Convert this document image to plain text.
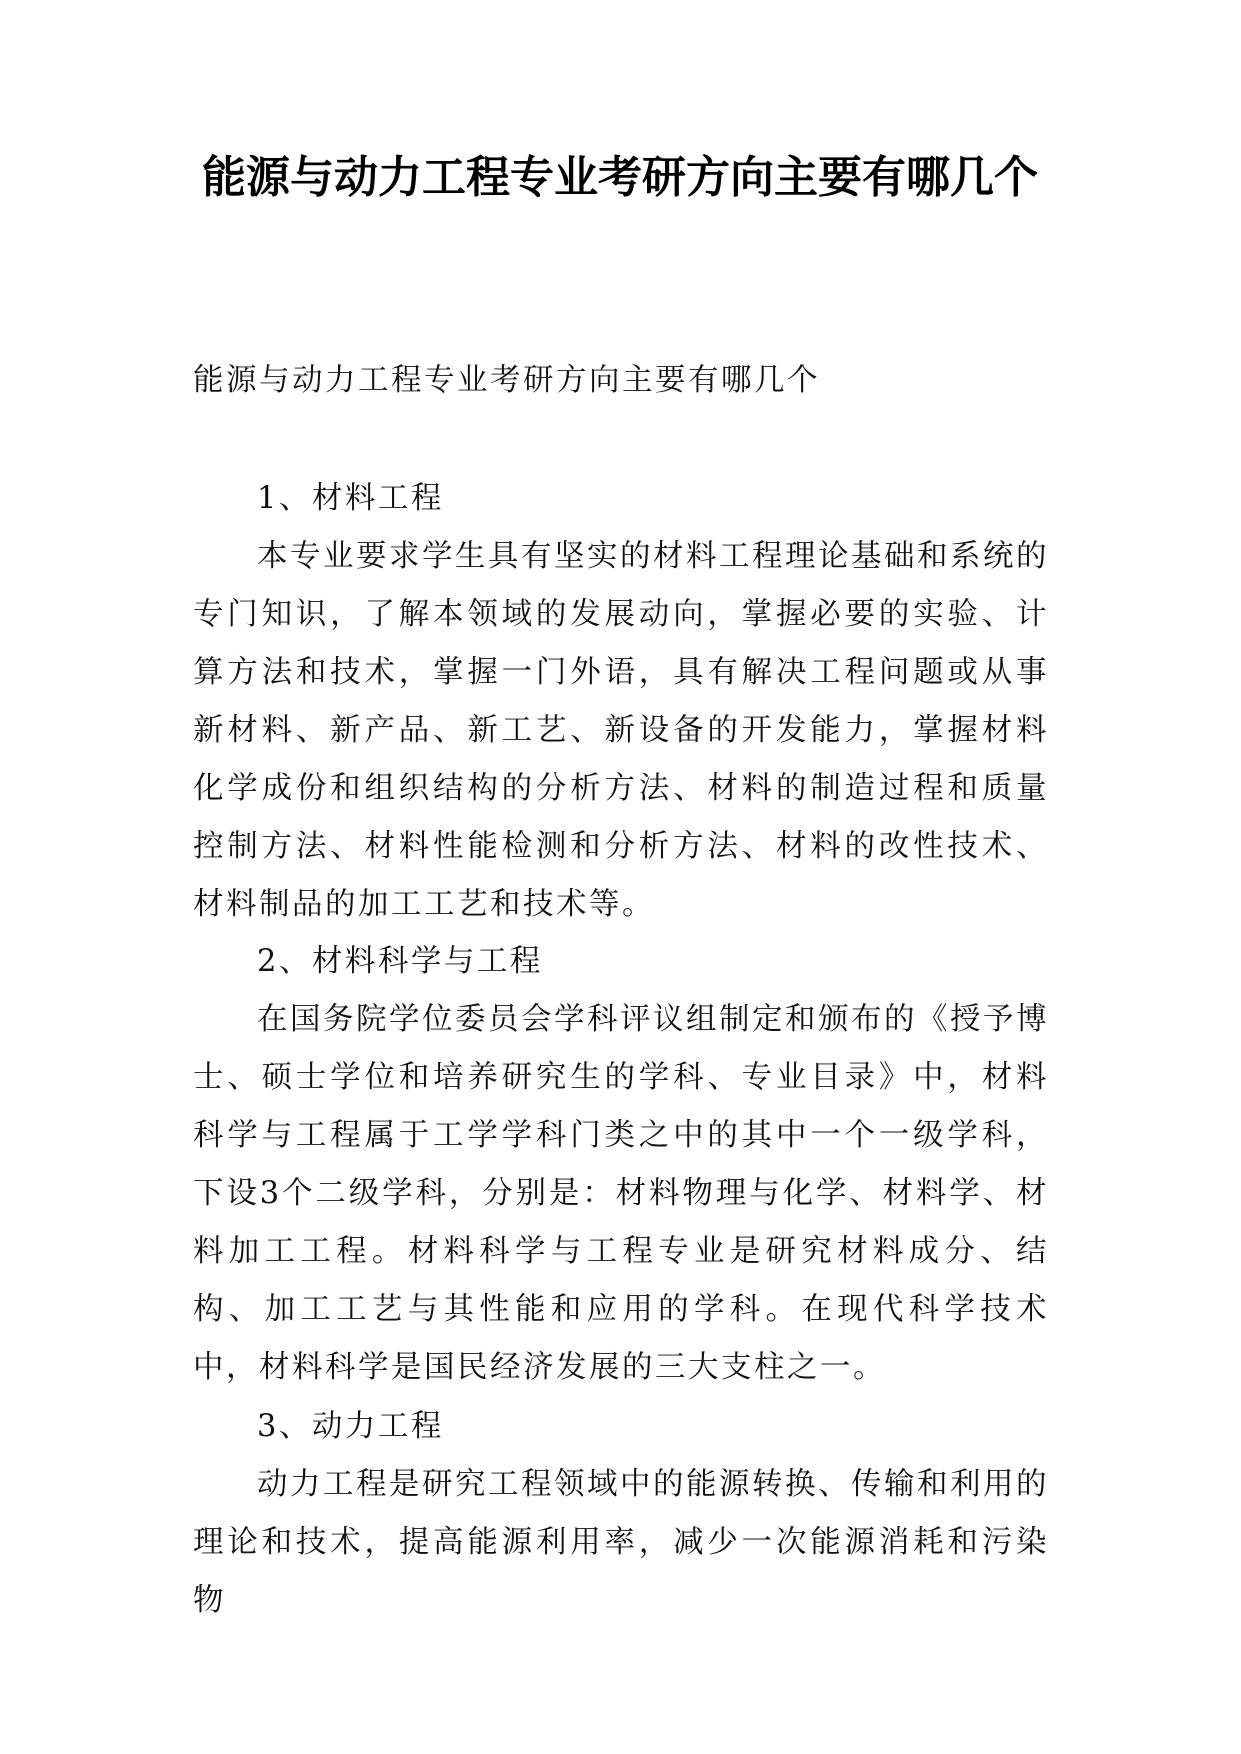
能源与动力工程专业考研方向主要有哪几个

能源与动力工程专业考研方向主要有哪几个

1、材料工程

本专业要求学生具有坚实的材料工程理论基础和系统的专门知识，了解本领域的发展动向，掌握必要的实验、计算方法和技术，掌握一门外语，具有解决工程问题或从事新材料、新产品、新工艺、新设备的开发能力，掌握材料化学成份和组织结构的分析方法、材料的制造过程和质量控制方法、材料性能检测和分析方法、材料的改性技术、材料制品的加工工艺和技术等。

2、材料科学与工程

在国务院学位委员会学科评议组制定和颁布的《授予博士、硕士学位和培养研究生的学科、专业目录》中，材料科学与工程属于工学学科门类之中的其中一个一级学科，下设3个二级学科，分别是：材料物理与化学、材料学、材料加工工程。材料科学与工程专业是研究材料成分、结构、加工工艺与其性能和应用的学科。在现代科学技术中，材料科学是国民经济发展的三大支柱之一。

3、动力工程

动力工程是研究工程领域中的能源转换、传输和利用的理论和技术，提高能源利用率，减少一次能源消耗和污染物
